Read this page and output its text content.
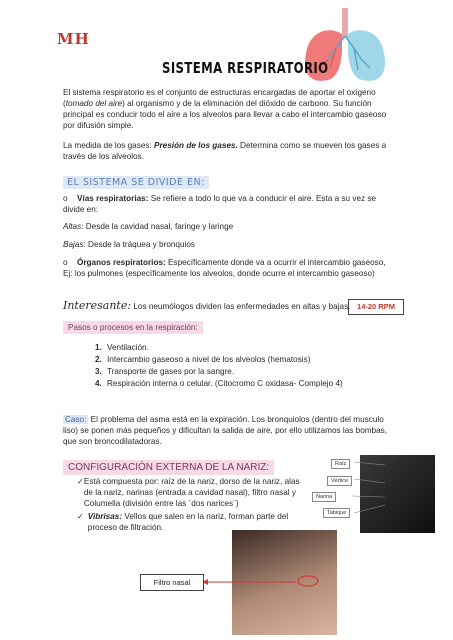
MH
SISTEMA RESPIRATORIO
El sistema respiratorio es el conjunto de estructuras encargadas de aportar el oxígeno (tomado del aire) al organismo y de la eliminación del dióxido de carbono. Su función principal es conducir todo el aire a los alveolos para llevar a cabo el intercambio gaseoso por difusión simple.
La medida de los gases: Presión de los gases. Determina como se mueven los gases a través de los alveolos.
EL SISTEMA SE DIVIDE EN:
o Vías respiratorias: Se refiere a todo lo que va a conducir el aire. Esta a su vez se divide en:
Altas: Desde la cavidad nasal, faringe y laringe
Bajas: Desde la tráquea y bronquios
o Órganos respiratorios: Específicamente donde va a ocurrir el intercambio gaseoso, Ej: los pulmones (específicamente los alveolos, donde ocurre el intercambio gaseoso)
Interesante: Los neumólogos dividen las enfermedades en altas y bajas. 14-20 RPM
Pasos o procesos en la respiración:
1. Ventilación.
2. Intercambio gaseoso a nivel de los alveolos (hematosis)
3. Transporte de gases por la sangre.
4. Respiración interna o celular. (Citocromo C oxidasa- Complejo 4)
Caso: El problema del asma está en la expiración. Los bronquiolos (dentro del musculo liso) se ponen más pequeños y dificultan la salida de aire, por ello utilizamos las bombas, que son broncodilatadoras.
CONFIGURACIÓN EXTERNA DE LA NARIZ:
✓ Está compuesta por: raíz de la nariz, dorso de la nariz, alas de la nariz, narinas (entrada a cavidad nasal), filtro nasal y Columella (división entre las ¨dos narices¨)
✓ Vibrisas: Vellos que salen en la nariz, forman parte del proceso de filtración.
Raíz
Vértice
Narina
Tabique
Filtro nasal
